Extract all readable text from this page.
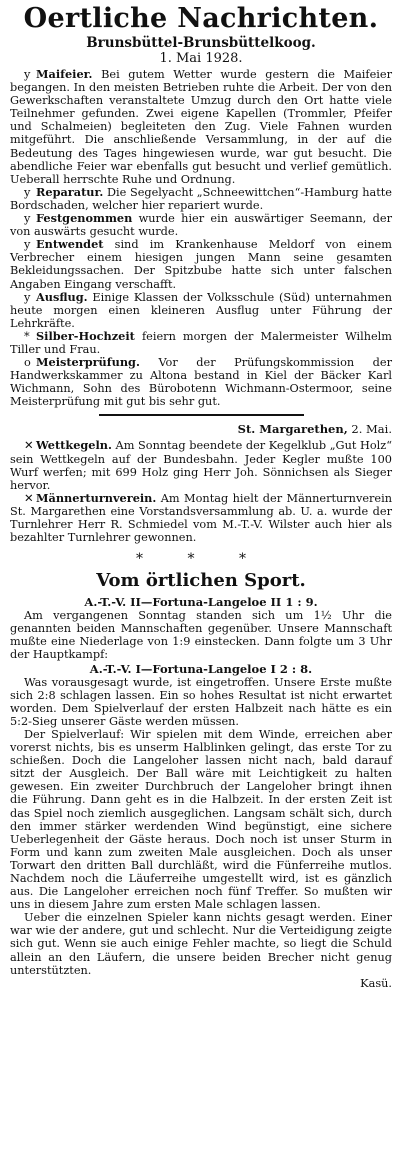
Oertliche Nachrichten.
Brunsbüttel-Brunsbüttelkoog.
1. Mai 1928.

y Maifeier. Bei gutem Wetter wurde gestern die Maifeier begangen. In den meisten Betrieben ruhte die Arbeit. Der von den Gewerkschaften veranstaltete Umzug durch den Ort hatte viele Teilnehmer gefunden. Zwei eigene Kapellen (Trommler, Pfeifer und Schalmeien) begleiteten den Zug. Viele Fahnen wurden mitgeführt. Die anschließende Versammlung, in der auf die Bedeutung des Tages hingewiesen wurde, war gut besucht. Die abendliche Feier war ebenfalls gut besucht und verlief gemütlich. Ueberall herrschte Ruhe und Ordnung.

y Reparatur. Die Segelyacht „Schneewittchen“-Hamburg hatte Bordschaden, welcher hier repariert wurde.

y Festgenommen wurde hier ein auswärtiger Seemann, der von auswärts gesucht wurde.

y Entwendet sind im Krankenhause Meldorf von einem Verbrecher einem hiesigen jungen Mann seine gesamten Bekleidungssachen. Der Spitzbube hatte sich unter falschen Angaben Eingang verschafft.

y Ausflug. Einige Klassen der Volksschule (Süd) unternahmen heute morgen einen kleineren Ausflug unter Führung der Lehrkräfte.

* Silber-Hochzeit feiern morgen der Malermeister Wilhelm Tiller und Frau.

o Meisterprüfung. Vor der Prüfungskommission der Handwerkskammer zu Altona bestand in Kiel der Bäcker Karl Wichmann, Sohn des Bürobotenn Wichmann-Ostermoor, seine Meisterprüfung mit gut bis sehr gut.

St. Margarethen, 2. Mai.

✕ Wettkegeln. Am Sonntag beendete der Kegelklub „Gut Holz“ sein Wettkegeln auf der Bundesbahn. Jeder Kegler mußte 100 Wurf werfen; mit 699 Holz ging Herr Joh. Sönnichsen als Sieger hervor.

✕ Männerturnverein. Am Montag hielt der Männerturnverein St. Margarethen eine Vorstandsversammlung ab. U. a. wurde der Turnlehrer Herr R. Schmiedel vom M.-T.-V. Wilster auch hier als bezahlter Turnlehrer gewonnen.

* * *
Vom örtlichen Sport.
A.-T.-V. II—Fortuna-Langeloe II 1 : 9.

Am vergangenen Sonntag standen sich um 1½ Uhr die genannten beiden Mannschaften gegenüber. Unsere Mannschaft mußte eine Niederlage von 1:9 einstecken. Dann folgte um 3 Uhr der Hauptkampf:

A.-T.-V. I—Fortuna-Langeloe I 2 : 8.

Was vorausgesagt wurde, ist eingetroffen. Unsere Erste mußte sich 2:8 schlagen lassen. Ein so hohes Resultat ist nicht erwartet worden. Dem Spielverlauf der ersten Halbzeit nach hätte es ein 5:2-Sieg unserer Gäste werden müssen.

Der Spielverlauf: Wir spielen mit dem Winde, erreichen aber vorerst nichts, bis es unserm Halblinken gelingt, das erste Tor zu schießen. Doch die Langeloher lassen nicht nach, bald darauf sitzt der Ausgleich. Der Ball wäre mit Leichtigkeit zu halten gewesen. Ein zweiter Durchbruch der Langeloher bringt ihnen die Führung. Dann geht es in die Halbzeit. In der ersten Zeit ist das Spiel noch ziemlich ausgeglichen. Langsam schält sich, durch den immer stärker werdenden Wind begünstigt, eine sichere Ueberlegenheit der Gäste heraus. Doch noch ist unser Sturm in Form und kann zum zweiten Male ausgleichen. Doch als unser Torwart den dritten Ball durchläßt, wird die Fünferreihe mutlos. Nachdem noch die Läuferreihe umgestellt wird, ist es gänzlich aus. Die Langeloher erreichen noch fünf Treffer. So mußten wir uns in diesem Jahre zum ersten Male schlagen lassen.

Ueber die einzelnen Spieler kann nichts gesagt werden. Einer war wie der andere, gut und schlecht. Nur die Verteidigung zeigte sich gut. Wenn sie auch einige Fehler machte, so liegt die Schuld allein an den Läufern, die unsere beiden Brecher nicht genug unterstützten.

Kasü.
